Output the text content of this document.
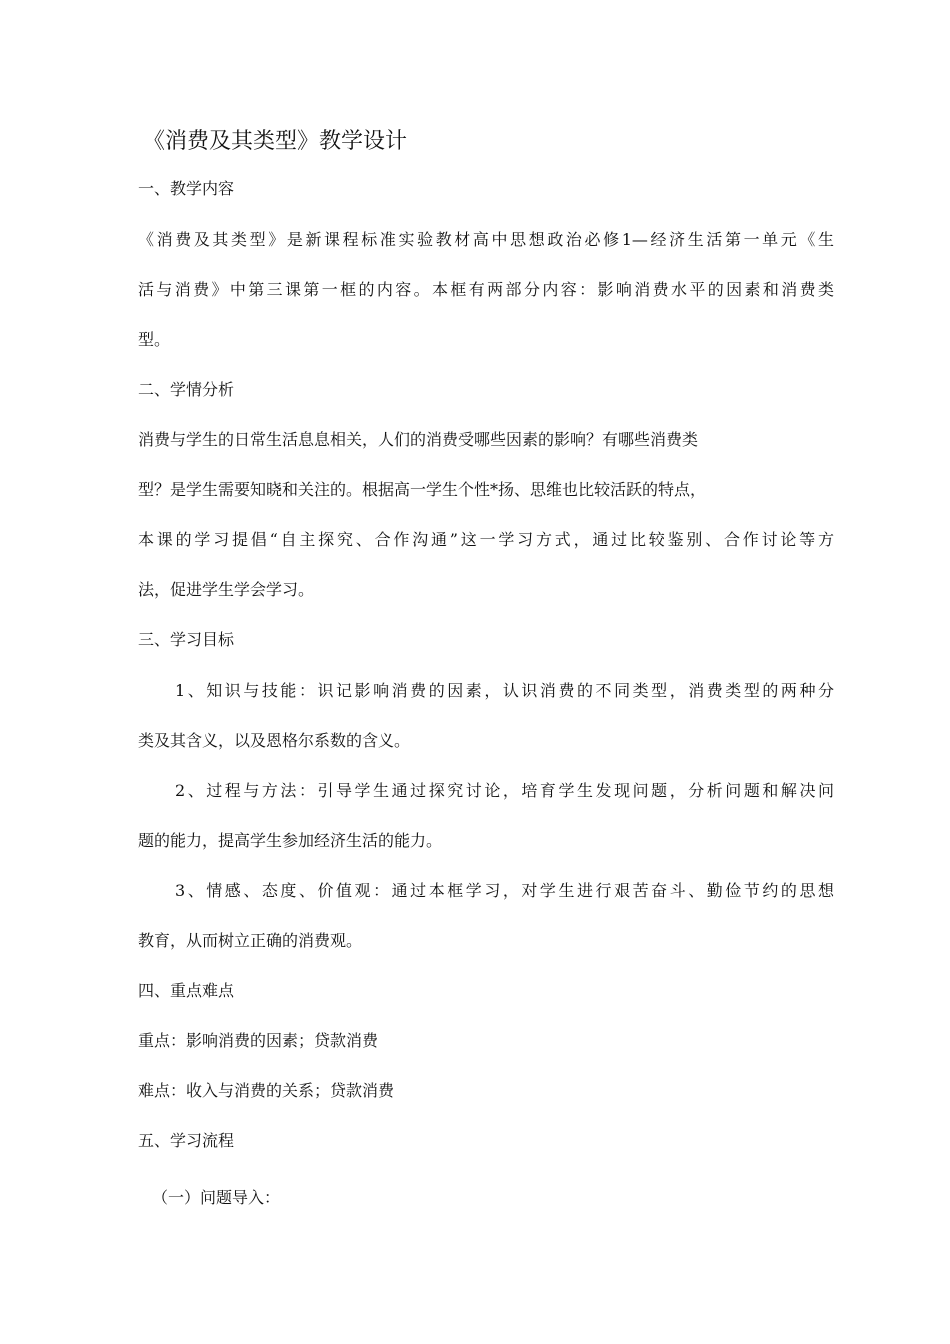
《消费及其类型》教学设计
一、教学内容
《消费及其类型》是新课程标准实验教材高中思想政治必修1—经济生活第一单元《生
活与消费》中第三课第一框的内容。本框有两部分内容：影响消费水平的因素和消费类
型。
二、学情分析
消费与学生的日常生活息息相关，人们的消费受哪些因素的影响？有哪些消费类
型？是学生需要知晓和关注的。根据高一学生个性*扬、思维也比较活跃的特点，
本课的学习提倡“自主探究、合作沟通”这一学习方式，通过比较鉴别、合作讨论等方
法，促进学生学会学习。
三、学习目标
1、知识与技能：识记影响消费的因素，认识消费的不同类型，消费类型的两种分
类及其含义，以及恩格尔系数的含义。
2、过程与方法：引导学生通过探究讨论，培育学生发现问题，分析问题和解决问
题的能力，提高学生参加经济生活的能力。
3、情感、态度、价值观：通过本框学习，对学生进行艰苦奋斗、勤俭节约的思想
教育，从而树立正确的消费观。
四、重点难点
重点：影响消费的因素；贷款消费
难点：收入与消费的关系；贷款消费
五、学习流程
（一）问题导入：
